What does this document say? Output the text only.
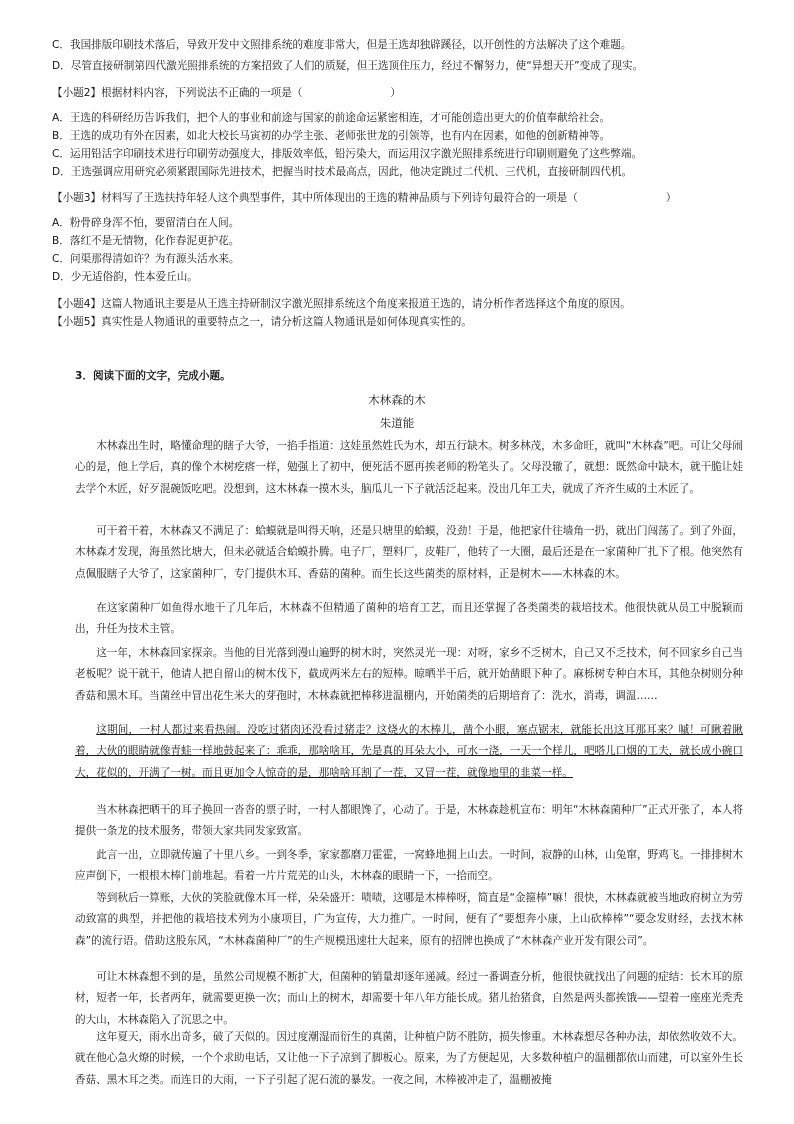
C．我国排版印刷技术落后，导致开发中文照排系统的难度非常大，但是王选却独辟蹊径，以开创性的方法解决了这个难题。
D．尽管直接研制第四代激光照排系统的方案招致了人们的质疑，但王选顶住压力，经过不懈努力，使“异想天开”变成了现实。
【小题2】根据材料内容，下列说法不正确的一项是（	）
A．王选的科研经历告诉我们，把个人的事业和前途与国家的前途命运紧密相连，才可能创造出更大的价值奉献给社会。
B．王选的成功有外在因素，如北大校长马寅初的办学主张、老师张世龙的引领等，也有内在因素，如他的创新精神等。
C．运用铅活字印刷技术进行印刷劳动强度大，排版效率低，铅污染大，而运用汉字激光照排系统进行印刷则避免了这些弊端。
D．王选强调应用研究必须紧跟国际先进技术，把握当时技术最高点，因此，他决定跳过二代机、三代机，直接研制四代机。
【小题3】材料写了王选扶持年轻人这个典型事件，其中所体现出的王选的精神品质与下列诗句最符合的一项是（	）
A．粉骨碎身浑不怕，要留清白在人间。
B．落红不是无情物，化作春泥更护花。
C．问渠那得清如许？为有源头活水来。
D．少无适俗韵，性本爱丘山。
【小题4】这篇人物通讯主要是从王选主持研制汉字激光照排系统这个角度来报道王选的，请分析作者选择这个角度的原因。
【小题5】真实性是人物通讯的重要特点之一，请分析这篇人物通讯是如何体现真实性的。
3．阅读下面的文字，完成小题。
木林森的木
朱道能

木林森出生时，略懂命理的瞎子大爷，一掐手指道：这娃虽然姓氏为木，却五行缺木。树多林茂，木多命旺，就叫“木林森”吧。可让父母闹心的是，他上学后，真的像个木树疙瘩一样，勉强上了初中，便死活不愿再挨老师的粉笔头了。父母没辙了，就想：既然命中缺木，就干脆让娃去学个木匠，好歹混碗饭吃吧。没想到，这木林森一摸木头，脑瓜儿一下子就活泛起来。没出几年工夫，就成了齐齐生威的土木匠了。

可干着干着，木林森又不满足了：蛤蟆就是叫得天响，还是只塘里的蛤蟆，没劲！于是，他把家什往墙角一扔，就出门闯荡了。到了外面，木林森才发现，海虽然比塘大，但未必就适合蛤蟆扑腾。电子厂，塑料厂，皮鞋厂，他转了一大圈，最后还是在一家菌种厂扎下了根。他突然有点佩服瞎子大爷了，这家菌种厂，专门提供木耳、香菇的菌种。而生长这些菌类的原材料，正是树木——木林森的木。

在这家菌种厂如鱼得水地干了几年后，木林森不但精通了菌种的培育工艺，而且还掌握了各类菌类的栽培技术。他很快就从员工中脱颖而出，升任为技术主管。

这一年，木林森回家探亲。当他的目光落到漫山遍野的树木时，突然灵光一现：对呀，家乡不乏树木，自己又不乏技术，何不回家乡自己当老板呢？说干就干，他请人把自留山的树木伐下，截成两米左右的短棒。晾晒半干后，就开始凿眼下种了。麻栎树专种白木耳，其他杂树则分种香菇和黑木耳。当菌丝中冒出花生米大的芽孢时，木林森就把棒移进温棚内，开始菌类的后期培育了：洗水，消毒，调温……

这期间，一村人都过来看热闹。没吃过猪肉还没看过猪走？这烧火的木棒儿，凿个小眼，塞点锯末，就能长出这耳那耳来？嘁！可瞅着瞅着，大伙的眼睛就像青蛙一样地鼓起来了：乖乖，那啥啥耳，先是真的耳朵大小，可水一浇，一天一个样儿，吧嗒儿口烟的工夫，就长成小碗口大，花似的，开满了一树。而且更加令人惊奇的是，那啥啥耳割了一茬，又冒一茬，就像地里的韭菜一样。

当木林森把晒干的耳子换回一沓沓的票子时，一村人都眼馋了，心动了。于是，木林森趁机宣布：明年“木林森菌种厂”正式开张了，本人将提供一条龙的技术服务，带领大家共同发家致富。

此言一出，立即就传遍了十里八乡。一到冬季，家家都磨刀霍霍，一窝蜂地拥上山去。一时间，寂静的山林，山兔窜，野鸡飞。一排排树木应声倒下，一根根木棒门前堆起。看着一片片荒芜的山头，木林森的眼睛一下，一拾而空。

等到秋后一算账，大伙的笑脸就像木耳一样，朵朵盛开：啧啧，这哪是木棒棒呀，简直是“金箍棒”嘛！很快，木林森就被当地政府树立为劳动致富的典型，并把他的栽培技术列为小康项目，广为宣传，大力推广。一时间，便有了“要想奔小康，上山砍棒棒”“要念发财经，去找木林森”的流行语。借助这股东风，“木林森菌种厂”的生产规模迅速壮大起来，原有的招牌也换成了“木林森产业开发有限公司”。

可让木林森想不到的是，虽然公司规模不断扩大，但菌种的销量却逐年递减。经过一番调查分析，他很快就找出了问题的症结：长木耳的原材，短者一年，长者两年，就需要更换一次；而山上的树木，却需要十年八年方能长成。猪儿抬猪食，自然是两头都挨饿——望着一座座光秃秃的大山，木林森陷入了沉思之中。

这年夏天，雨水出奇多，破了天似的。因过度潮湿而衍生的真菌，让种植户防不胜防，损失惨重。木林森想尽各种办法，却依然收效不大。就在他心急火燎的时候，一个个求助电话，又让他一下子凉到了脚板心。原来，为了方便起见，大多数种植户的温棚都依山而建，可以室外生长香菇、黑木耳之类。而连日的大雨，一下子引起了泥石流的暴发。一夜之间，木棒被冲走了，温棚被掩
